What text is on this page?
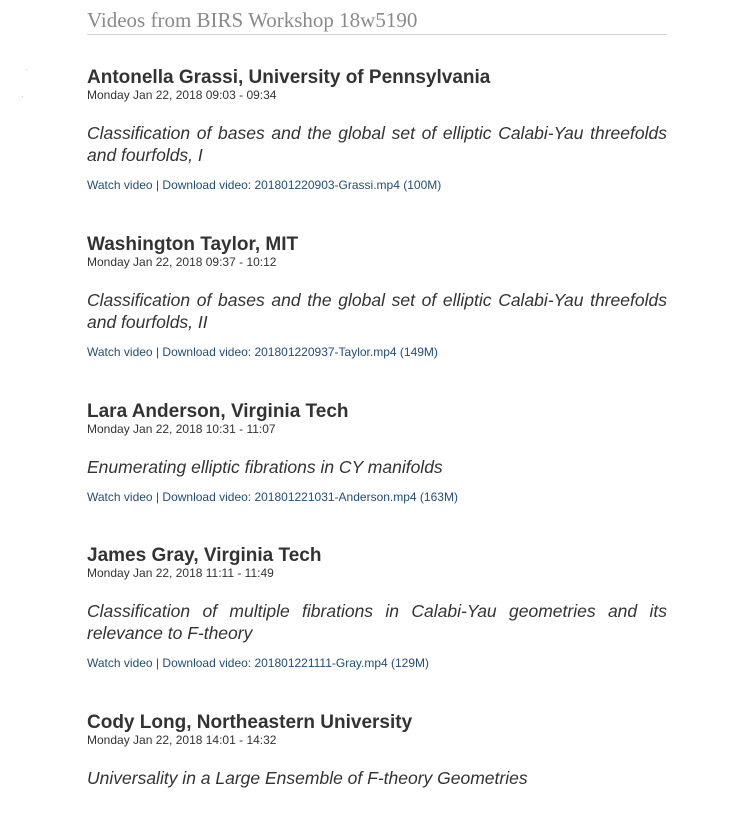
Videos from BIRS Workshop 18w5190
Antonella Grassi, University of Pennsylvania
Monday Jan 22, 2018 09:03 - 09:34
Classification of bases and the global set of elliptic Calabi-Yau threefolds and fourfolds, I
Watch video | Download video: 201801220903-Grassi.mp4 (100M)
Washington Taylor, MIT
Monday Jan 22, 2018 09:37 - 10:12
Classification of bases and the global set of elliptic Calabi-Yau threefolds and fourfolds, II
Watch video | Download video: 201801220937-Taylor.mp4 (149M)
Lara Anderson, Virginia Tech
Monday Jan 22, 2018 10:31 - 11:07
Enumerating elliptic fibrations in CY manifolds
Watch video | Download video: 201801221031-Anderson.mp4 (163M)
James Gray, Virginia Tech
Monday Jan 22, 2018 11:11 - 11:49
Classification of multiple fibrations in Calabi-Yau geometries and its relevance to F-theory
Watch video | Download video: 201801221111-Gray.mp4 (129M)
Cody Long, Northeastern University
Monday Jan 22, 2018 14:01 - 14:32
Universality in a Large Ensemble of F-theory Geometries
